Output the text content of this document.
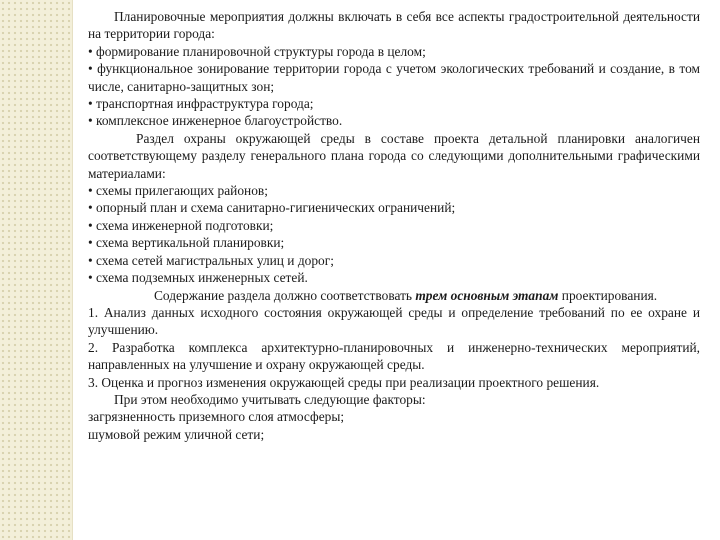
Планировочные мероприятия должны включать в себя все аспекты градостроительной деятельности на территории города:

• формирование планировочной структуры города в целом;

• функциональное зонирование территории города с учетом экологических требований и создание, в том числе, санитарно-защитных зон;

• транспортная инфраструктура города;

• комплексное инженерное благоустройство.

Раздел охраны окружающей среды в составе проекта детальной планировки аналогичен соответствующему разделу генерального плана города со следующими дополнительными графическими материалами:

• схемы прилегающих районов;

• опорный план и схема санитарно-гигиенических ограничений;

• схема инженерной подготовки;

• схема вертикальной планировки;

• схема сетей магистральных улиц и дорог;

• схема подземных инженерных сетей.

Содержание раздела должно соответствовать трем основным этапам проектирования.

1. Анализ данных исходного состояния окружающей среды и определение требований по ее охране и улучшению.

2. Разработка комплекса архитектурно-планировочных и инженерно-технических мероприятий, направленных на улучшение и охрану окружающей среды.

3. Оценка и прогноз изменения окружающей среды при реализации проектного решения.

При этом необходимо учитывать следующие факторы:

загрязненность приземного слоя атмосферы;

шумовой режим уличной сети;
